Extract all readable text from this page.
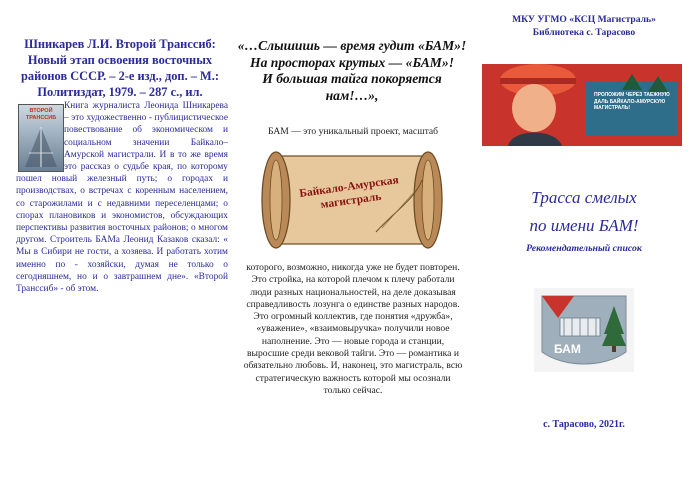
Шникарев Л.И. Второй Транссиб: Новый этап освоения восточных районов СССР. – 2-е изд., доп. – М.: Политиздат, 1979. – 287 с., ил.
ВТОРОЙ ТРАНССИБ
Книга журналиста Леонида Шникарева – это художественно - публицистическое повествование об экономическом и социальном значении Байкало– Амурской магистрали. И в то же время это рассказ о судьбе края, по которому пошел новый железный путь; о городах и производствах, о встречах с коренным населением, со старожилами и с недавними переселенцами; о спорах плановиков и экономистов, обсуждающих перспективы развития восточных районов; о многом другом. Строитель БАМа Леонид Казаков сказал: « Мы в Сибири не гости, а хозяева. И работать хотим именно по - хозяйски, думая не только о сегодняшнем, но и о завтрашнем дне». «Второй Транссиб» - об этом.
«…Слышишь — время гудит «БАМ»!
На просторах крутых — «БАМ»!
И большая тайга покоряется нам!…»,
БАМ — это уникальный проект, масштаб
Байкало-Амурская магистраль
которого, возможно, никогда уже не будет повторен. Это стройка, на которой плечом к плечу работали люди разных национальностей, на деле доказывая справедливость лозунга о единстве разных народов. Это огромный коллектив, где понятия «дружба», «уважение», «взаимовыручка» получили новое наполнение. Это — новые города и станции, выросшие среди вековой тайги. Это — романтика и обязательно любовь. И, наконец, это магистраль, всю стратегическую важность которой мы осознали только сейчас.
МКУ УГМО «КСЦ Магистраль»
Библиотека с. Тарасово
ПРОЛОЖИМ ЧЕРЕЗ ТАЕЖНУЮ ДАЛЬ БАЙКАЛО-АМУРСКУЮ МАГИСТРАЛЬ!
Трасса смелых
по имени БАМ!
Рекомендательный список
БАМ
с. Тарасово, 2021г.
